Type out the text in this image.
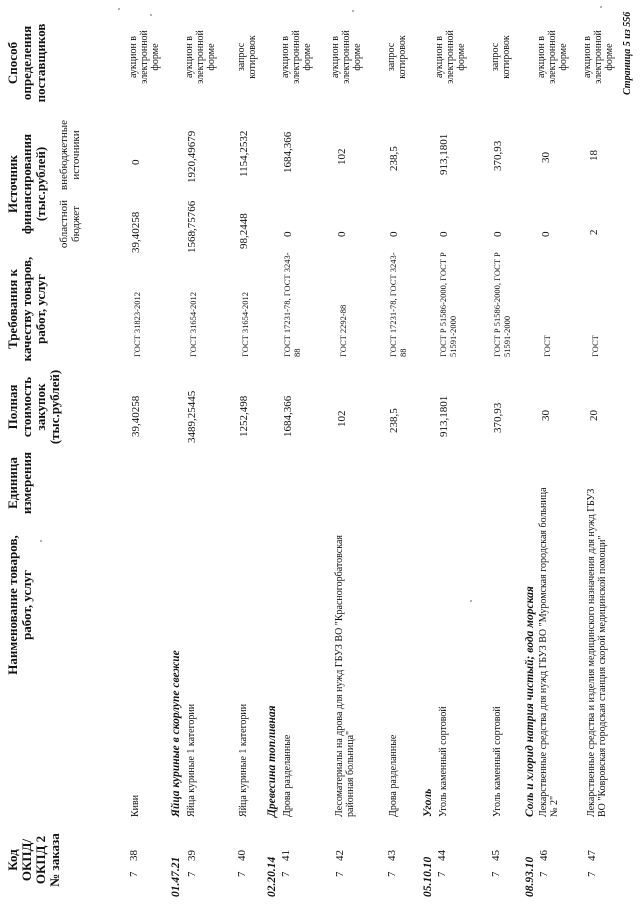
Код ОКПД/ ОКПД 2 № заказа
Наименование товаров, работ, услуг
Единица измерения
Полная стоимость закупок (тыс.рублей)
Требования к качеству товаров, работ, услуг
Источник финансирования (тыс.рублей)
областной бюджет
внебюджетные источники
Способ определения поставщиков
7
38
Киви
39,40258
ГОСТ 31823-2012
39,40258
0
аукцион в электронной форме
01.47.21
Яйца куриные в скорлупе свежие
7
39
Яйца куриные 1 категории
3489,25445
ГОСТ 31654-2012
1568,75766
1920,49679
аукцион в электронной форме
7
40
Яйца куриные 1 категории
1252,498
ГОСТ 31654-2012
98,2448
1154,2532
запрос котировок
02.20.14
Древесина топливная
7
41
Дрова разделанные
1684,366
ГОСТ 17231-78, ГОСТ 3243-88
0
1684,366
аукцион в электронной форме
7
42
Лесоматериалы на дрова для нужд ГБУЗ ВО "Красногорбатовская районная больница"
102
ГОСТ 2292-88
0
102
аукцион в электронной форме
7
43
Дрова разделанные
238,5
ГОСТ 17231-78, ГОСТ 3243-88
0
238,5
запрос котировок
05.10.10
Уголь
7
44
Уголь каменный сортовой
913,1801
ГОСТ Р 51586-2000, ГОСТ Р 51591-2000
0
913,1801
аукцион в электронной форме
7
45
Уголь каменный сортовой
370,93
ГОСТ Р 51586-2000, ГОСТ Р 51591-2000
0
370,93
запрос котировок
08.93.10
Соль и хлорид натрия чистый; вода морская
7
46
Лекарственные средства для нужд ГБУЗ ВО "Муромская городская больница № 2"
30
ГОСТ
0
30
аукцион в электронной форме
7
47
Лекарственные средства и изделия медицинского назначения для нужд ГБУЗ ВО "Ковровская городская станция скорой медицинской помощи"
20
ГОСТ
2
18
аукцион в электронной форме Страница 5 из 556
